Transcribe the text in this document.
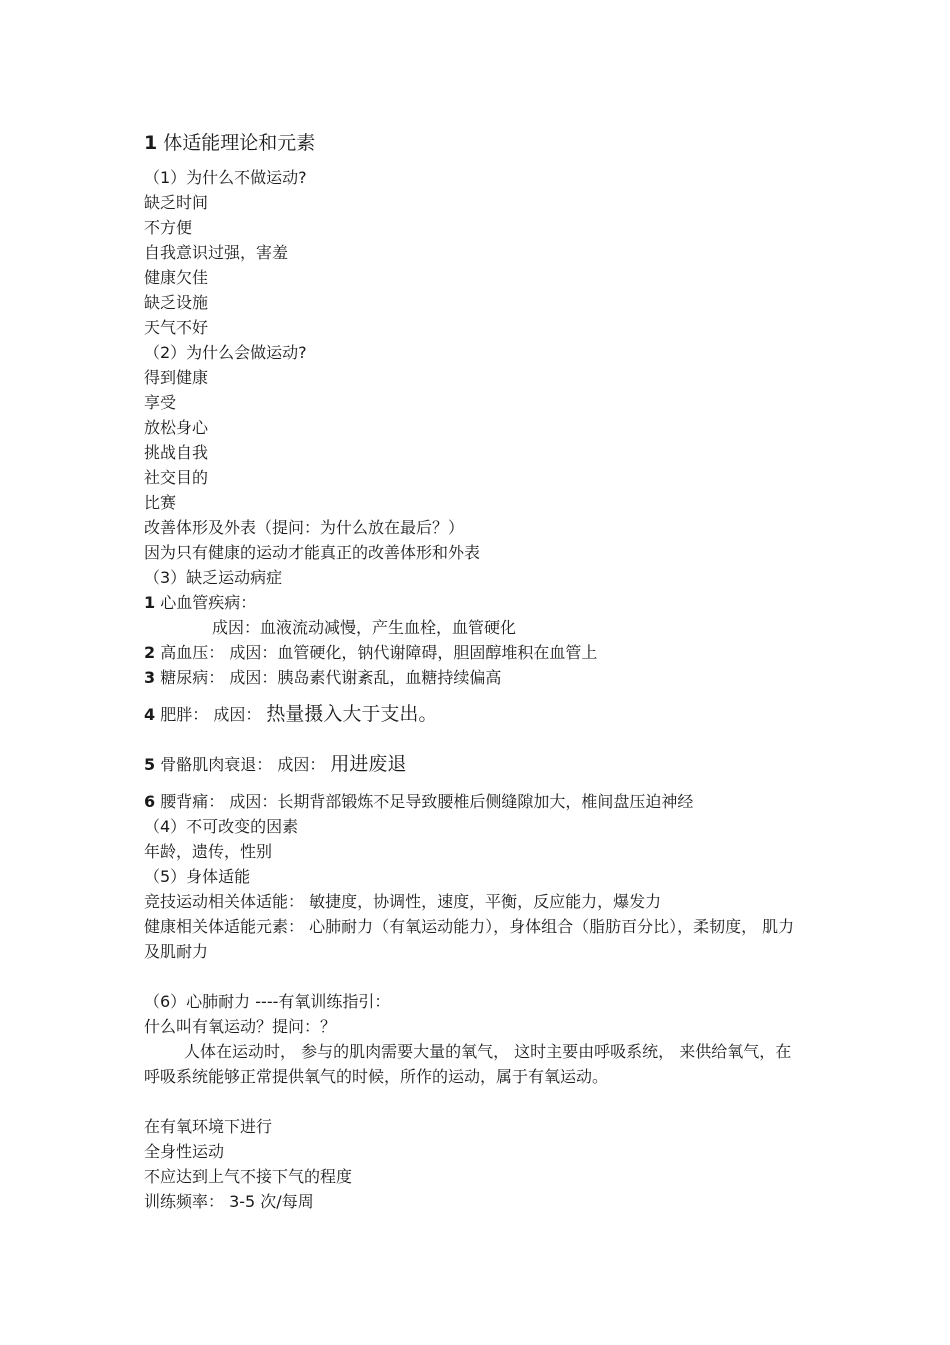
1 体适能理论和元素

（1）为什么不做运动?

缺乏时间

不方便

自我意识过强，害羞

健康欠佳

缺乏设施

天气不好

（2）为什么会做运动?

得到健康

享受

放松身心

挑战自我

社交目的

比赛

改善体形及外表（提问：为什么放在最后？）

因为只有健康的运动才能真正的改善体形和外表

（3）缺乏运动病症

1 心血管疾病：

成因：血液流动减慢，产生血栓，血管硬化

2 高血压： 成因：血管硬化，钠代谢障碍，胆固醇堆积在血管上

3 糖尿病： 成因：胰岛素代谢紊乱，血糖持续偏高

4 肥胖： 成因： 热量摄入大于支出。

5 骨骼肌肉衰退： 成因： 用进废退

6 腰背痛： 成因：长期背部锻炼不足导致腰椎后侧缝隙加大，椎间盘压迫神经

（4）不可改变的因素

年龄，遗传，性别

（5）身体适能

竞技运动相关体适能： 敏捷度，协调性，速度，平衡，反应能力，爆发力

健康相关体适能元素： 心肺耐力（有氧运动能力），身体组合（脂肪百分比），柔韧度， 肌力及肌耐力

（6）心肺耐力 ----有氧训练指引：

什么叫有氧运动？提问：？

人体在运动时， 参与的肌肉需要大量的氧气， 这时主要由呼吸系统， 来供给氧气，在呼吸系统能够正常提供氧气的时候，所作的运动，属于有氧运动。

在有氧环境下进行

全身性运动

不应达到上气不接下气的程度

训练频率： 3-5 次/每周
